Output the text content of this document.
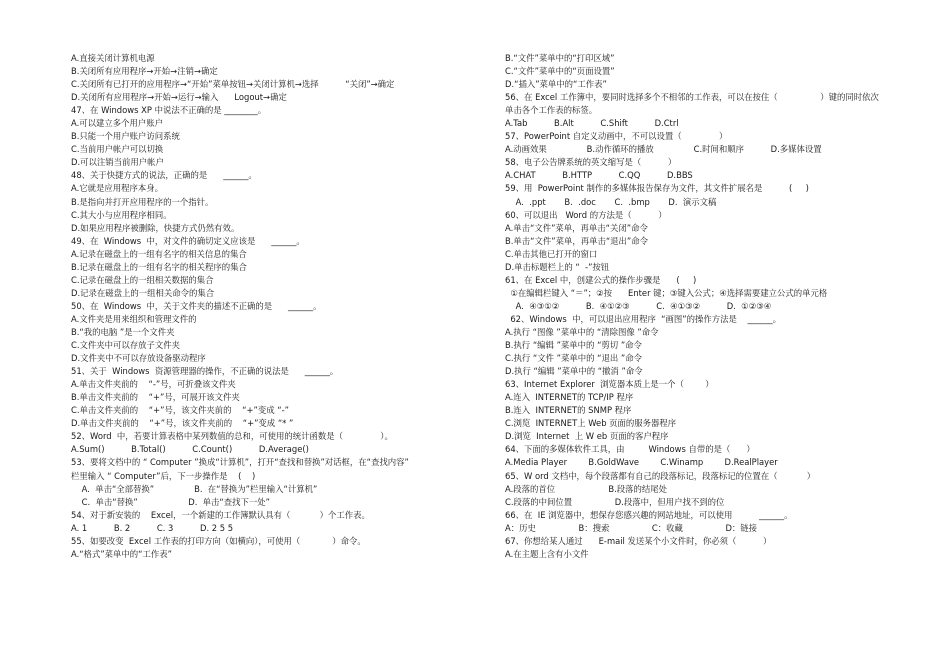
A.直接关闭计算机电源
B.关闭所有应用程序→开始→注销→确定
C.关闭所有已打开的应用程序→“开始”菜单按钮→关闭计算机→选择          “关闭”→确定
D.关闭所有应用程序→开始→运行→输入      Logout→确定
47、在 Windows XP 中说法不正确的是 ________。
A.可以建立多个用户账户
B.只能一个用户账户访问系统
C.当前用户帐户可以切换
D.可以注销当前用户帐户
48、关于快捷方式的说法，正确的是      ______。
A.它就是应用程序本身。
B.是指向并打开应用程序的一个指针。
C.其大小与应用程序相同。
D.如果应用程序被删除，快捷方式仍然有效。
49、在  Windows  中，对文件的确切定义应该是      ______。
A.记录在磁盘上的一组有名字的相关信息的集合
B.记录在磁盘上的一组有名字的相关程序的集合
C.记录在磁盘上的一组相关数据的集合
D.记录在磁盘上的一组相关命令的集合
50、在  Windows  中，关于文件夹的描述不正确的是      ______。
A.文件夹是用来组织和管理文件的
B.“我的电脑 ”是一个文件夹
C.文件夹中可以存放子文件夹
D.文件夹中不可以存放设备驱动程序
51、关于  Windows  资源管理器的操作，不正确的说法是      ______。
A.单击文件夹前的    “-”号，可折叠该文件夹
B.单击文件夹前的    “+”号，可展开该文件夹
C.单击文件夹前的    “+”号，该文件夹前的    “+”变成 “-”
D.单击文件夹前的    “+”号，该文件夹前的    “+”变成 “* ”
52、Word  中，若要计算表格中某列数值的总和，可使用的统计函数是（              ）。
A.Sum()          B.Total()          C.Count()          D.Average()
53、要将文档中的 “ Computer ”换成“计算机”，打开“查找和替换”对话框，在“查找内容”
栏里输入 “ Computer”后，下一步操作是    (    )
A.  单击“全部替换”               B.  在“替换为”栏里输入“计算机”
C.  单击“替换”                   D.  单击“查找下一处”
54、对于新安装的    Excel，一个新建的工作簿默认具有（           ）个工作表。
A. 1          B. 2          C. 3          D. 2 5 5
55、如要改变  Excel 工作表的打印方向（如横向），可使用（            ）命令。
A.“格式”菜单中的“工作表”
B.“文件”菜单中的“打印区域”
C.“文件”菜单中的“页面设置”
D.“插入”菜单中的“工作表”
56、在 Excel 工作簿中，要同时选择多个不相邻的工作表，可以在按住（                ）键的同时依次
单击各个工作表的标签。
A.Tab          B.Alt          C.Shift          D.Ctrl
57、PowerPoint 自定义动画中，不可以设置（              ）
A.动画效果               B.动作循环的播放               C.时间和顺序          D.多媒体设置
58、电子公告牌系统的英文缩写是（          ）
A.CHAT          B.HTTP          C.QQ          D.BBS
59、用  PowerPoint 制作的多媒体报告保存为文件，其文件扩展名是          (     )
A.  .ppt       B.  .doc       C.  .bmp       D.  演示文稿
60、可以退出   Word 的方法是（          ）
A.单击“文件”菜单，再单击“关闭”命令
B.单击“文件”菜单，再单击“退出”命令
C.单击其他已打开的窗口
D.单击标题栏上的 “  -”按钮
61、在 Excel 中，创建公式的操作步骤是      (     )
①在编辑栏键入 “＝”；②按      Enter 键；③键入公式；④选择需要建立公式的单元格
A.  ④③①②          B.  ④①②③          C.  ④①③②          D.  ①②③④
62、Windows  中，可以退出应用程序  “画图”的操作方法是    ______。
A.执行 “图像 ”菜单中的 “清除图像 ”命令
B.执行 “编辑 ”菜单中的 “剪切 ”命令
C.执行 “文件 ”菜单中的 “退出 ”命令
D.执行 “编辑 ”菜单中的 “撤消 ”命令
63、Internet Explorer  浏览器本质上是一个（        ）
A.连入  INTERNET的 TCP/IP 程序
B.连入  INTERNET的 SNMP 程序
C.浏览  INTERNET上 Web 页面的服务器程序
D.浏览  Internet  上 W eb 页面的客户程序
64、下面的多媒体软件工具，由         Windows 自带的是（      ）
A.Media Player        B.GoldWave        C.Winamp        D.RealPlayer
65、W ord 文档中，每个段落都有自己的段落标记，段落标记的位置在（           ）
A.段落的首位                    B.段落的结尾处
C.段落的中间位置                D.段落中，但用户找不到的位
66、在  IE 浏览器中，想保存您感兴趣的网站地址，可以使用          ______。
A：历史                B：搜索                C：收藏                D：链接
67、你想给某人通过      E-mail 发送某个小文件时，你必须（          ）
A.在主题上含有小文件
